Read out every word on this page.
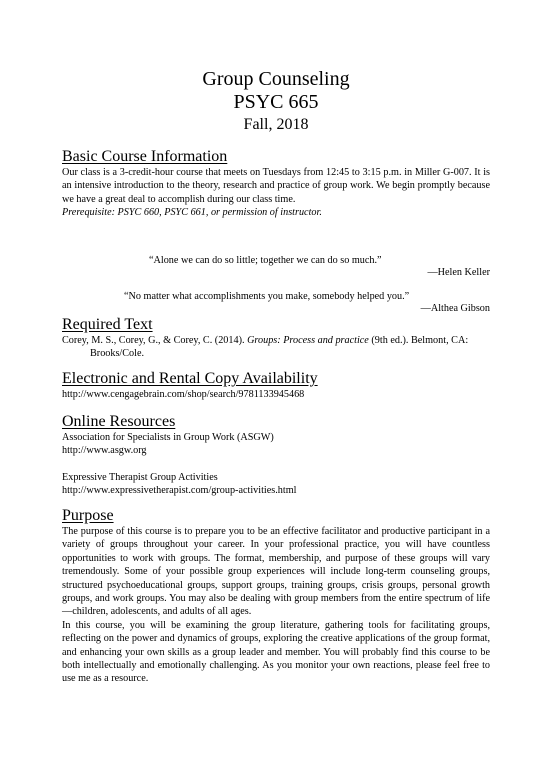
Group Counseling
PSYC 665
Fall, 2018
Basic Course Information

Our class is a 3-credit-hour course that meets on Tuesdays from 12:45 to 3:15 p.m. in Miller G-007. It is an intensive introduction to the theory, research and practice of group work. We begin promptly because we have a great deal to accomplish during our class time.

Prerequisite: PSYC 660, PSYC 661, or permission of instructor.

“Alone we can do so little; together we can do so much.”
—Helen Keller
“No matter what accomplishments you make, somebody helped you.”
—Althea Gibson
Required Text

Corey, M. S., Corey, G., & Corey, C. (2014). Groups: Process and practice (9th ed.). Belmont, CA: Brooks/Cole.

Electronic and Rental Copy Availability

http://www.cengagebrain.com/shop/search/9781133945468

Online Resources

Association for Specialists in Group Work (ASGW)

http://www.asgw.org

Expressive Therapist Group Activities

http://www.expressivetherapist.com/group-activities.html

Purpose

The purpose of this course is to prepare you to be an effective facilitator and productive participant in a variety of groups throughout your career. In your professional practice, you will have countless opportunities to work with groups. The format, membership, and purpose of these groups will vary tremendously. Some of your possible group experiences will include long-term counseling groups, structured psychoeducational groups, support groups, training groups, crisis groups, personal growth groups, and work groups. You may also be dealing with group members from the entire spectrum of life—children, adolescents, and adults of all ages.

In this course, you will be examining the group literature, gathering tools for facilitating groups, reflecting on the power and dynamics of groups, exploring the creative applications of the group format, and enhancing your own skills as a group leader and member. You will probably find this course to be both intellectually and emotionally challenging. As you monitor your own reactions, please feel free to use me as a resource.
